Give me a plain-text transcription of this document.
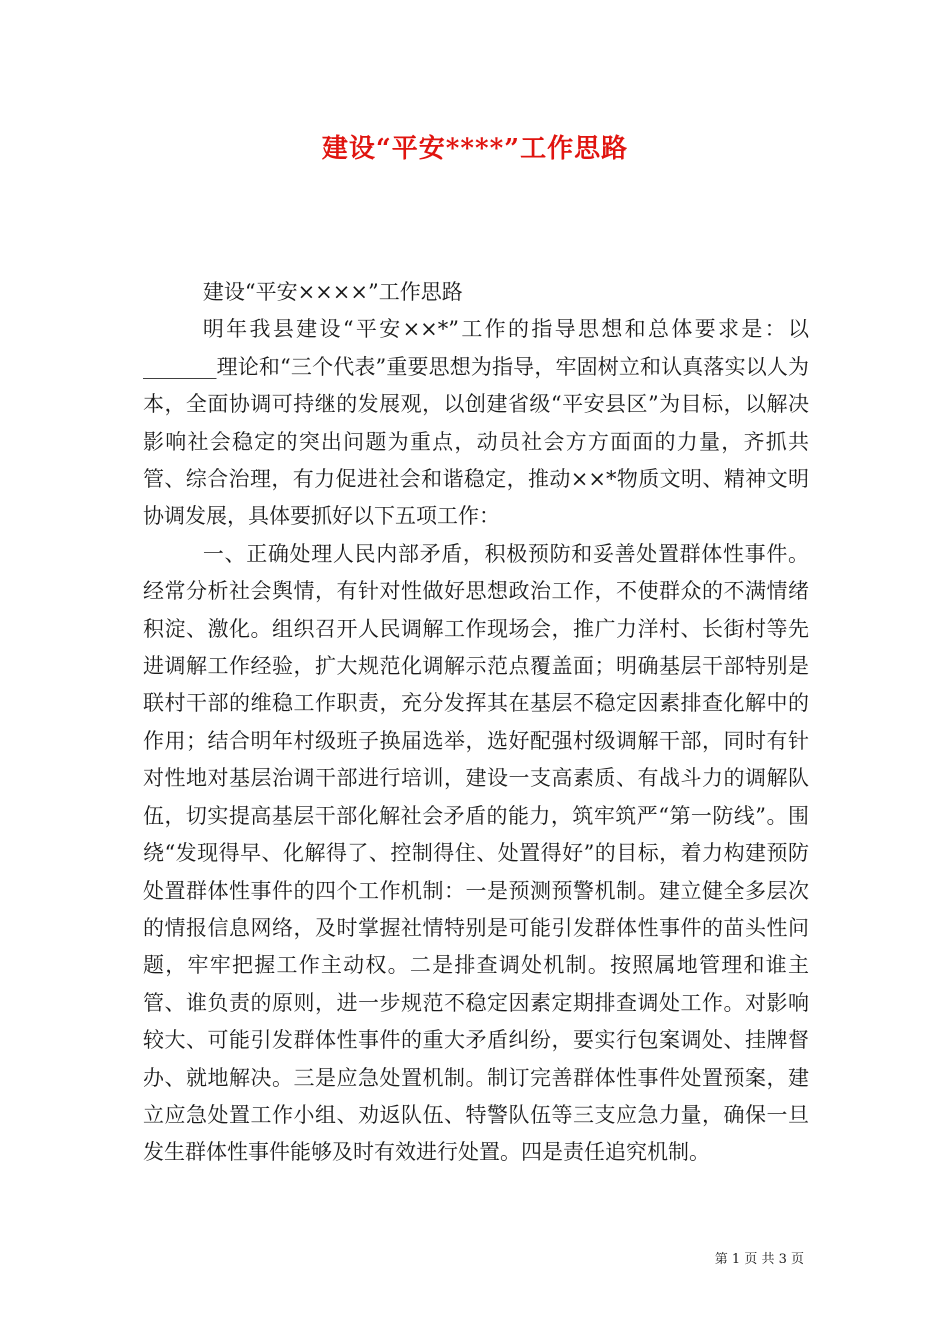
建设“平安****”工作思路

建设“平安××××”工作思路

明年我县建设“平安××*”工作的指导思想和总体要求是：以_______理论和“三个代表”重要思想为指导，牢固树立和认真落实以人为本，全面协调可持继的发展观，以创建省级“平安县区”为目标，以解决影响社会稳定的突出问题为重点，动员社会方方面面的力量，齐抓共管、综合治理，有力促进社会和谐稳定，推动××*物质文明、精神文明协调发展，具体要抓好以下五项工作：

一、正确处理人民内部矛盾，积极预防和妥善处置群体性事件。经常分析社会舆情，有针对性做好思想政治工作，不使群众的不满情绪积淀、激化。组织召开人民调解工作现场会，推广力洋村、长街村等先进调解工作经验，扩大规范化调解示范点覆盖面；明确基层干部特别是联村干部的维稳工作职责，充分发挥其在基层不稳定因素排查化解中的作用；结合明年村级班子换届选举，选好配强村级调解干部，同时有针对性地对基层治调干部进行培训，建设一支高素质、有战斗力的调解队伍，切实提高基层干部化解社会矛盾的能力，筑牢筑严“第一防线”。围绕“发现得早、化解得了、控制得住、处置得好”的目标，着力构建预防处置群体性事件的四个工作机制：一是预测预警机制。建立健全多层次的情报信息网络，及时掌握社情特别是可能引发群体性事件的苗头性问题，牢牢把握工作主动权。二是排查调处机制。按照属地管理和谁主管、谁负责的原则，进一步规范不稳定因素定期排查调处工作。对影响较大、可能引发群体性事件的重大矛盾纠纷，要实行包案调处、挂牌督办、就地解决。三是应急处置机制。制订完善群体性事件处置预案，建立应急处置工作小组、劝返队伍、特警队伍等三支应急力量，确保一旦发生群体性事件能够及时有效进行处置。四是责任追究机制。

第 1 页 共 3 页
